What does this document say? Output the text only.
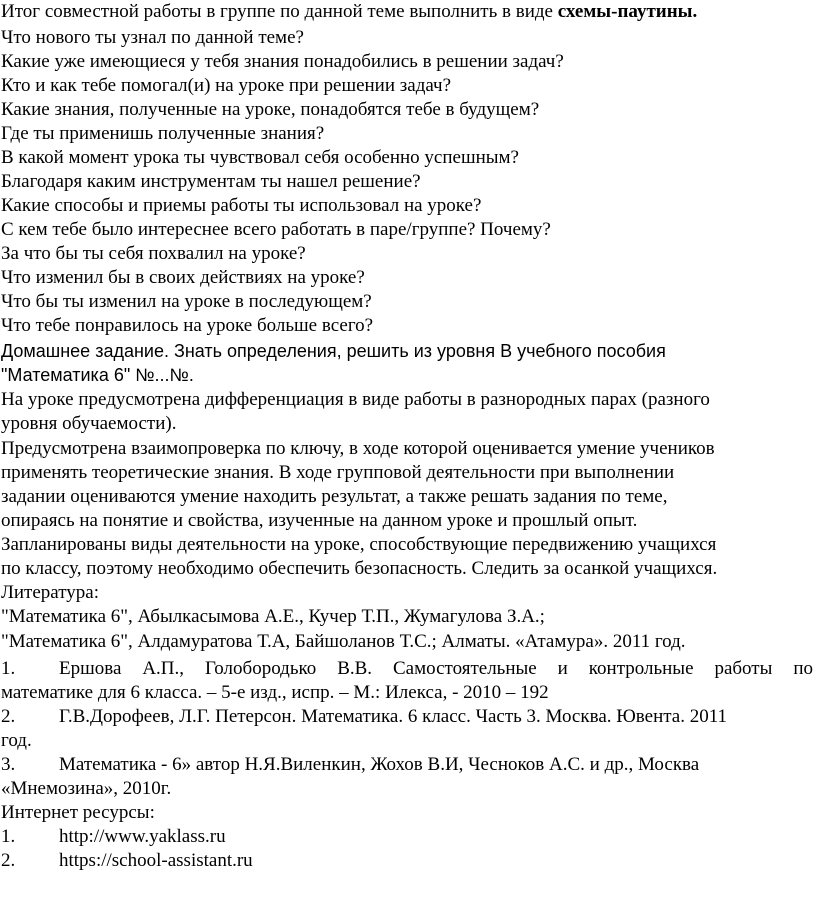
Итог совместной работы в группе по данной теме выполнить в виде схемы-паутины.
Что нового ты узнал по данной теме?
Какие уже имеющиеся у тебя знания понадобились в решении задач?
Кто и как тебе помогал(и) на уроке при решении задач?
Какие знания, полученные на уроке, понадобятся тебе в будущем?
Где ты применишь полученные знания?
В какой момент урока ты чувствовал себя особенно успешным?
Благодаря каким инструментам ты нашел решение?
Какие способы и приемы работы ты использовал на уроке?
С кем тебе было интереснее всего работать в паре/группе? Почему?
За что бы ты себя похвалил на уроке?
Что изменил бы в своих действиях на уроке?
Что бы ты изменил на уроке в последующем?
Что тебе понравилось на уроке больше всего?
Домашнее задание. Знать определения, решить из уровня В учебного пособия
"Математика 6" №...№.
На уроке предусмотрена дифференциация в виде работы в разнородных парах (разного
уровня обучаемости).
Предусмотрена взаимопроверка по ключу, в ходе которой оценивается умение учеников
применять теоретические знания. В ходе групповой деятельности при выполнении
задании оцениваются умение находить результат, а также решать задания по теме,
опираясь на понятие и свойства, изученные на данном уроке и прошлый опыт.
Запланированы виды деятельности на уроке, способствующие передвижению учащихся
по классу, поэтому необходимо обеспечить безопасность. Следить за осанкой учащихся.
Литература:
"Математика 6", Абылкасымова А.Е., Кучер Т.П., Жумагулова З.А.;
"Математика 6", Алдамуратова Т.А, Байшоланов Т.С.; Алматы. «Атамура». 2011 год.
1. Ершова А.П., Голобородько В.В. Самостоятельные и контрольные работы по
математике для 6 класса. – 5-е изд., испр. – М.: Илекса, - 2010 – 192
2. Г.В.Дорофеев, Л.Г. Петерсон. Математика. 6 класс. Часть 3. Москва. Ювента. 2011
год.
3. Математика - 6» автор Н.Я.Виленкин, Жохов В.И, Чесноков А.С. и др., Москва
«Мнемозина», 2010г.
Интернет ресурсы:
1. http://www.yaklass.ru
2. https://school-assistant.ru
